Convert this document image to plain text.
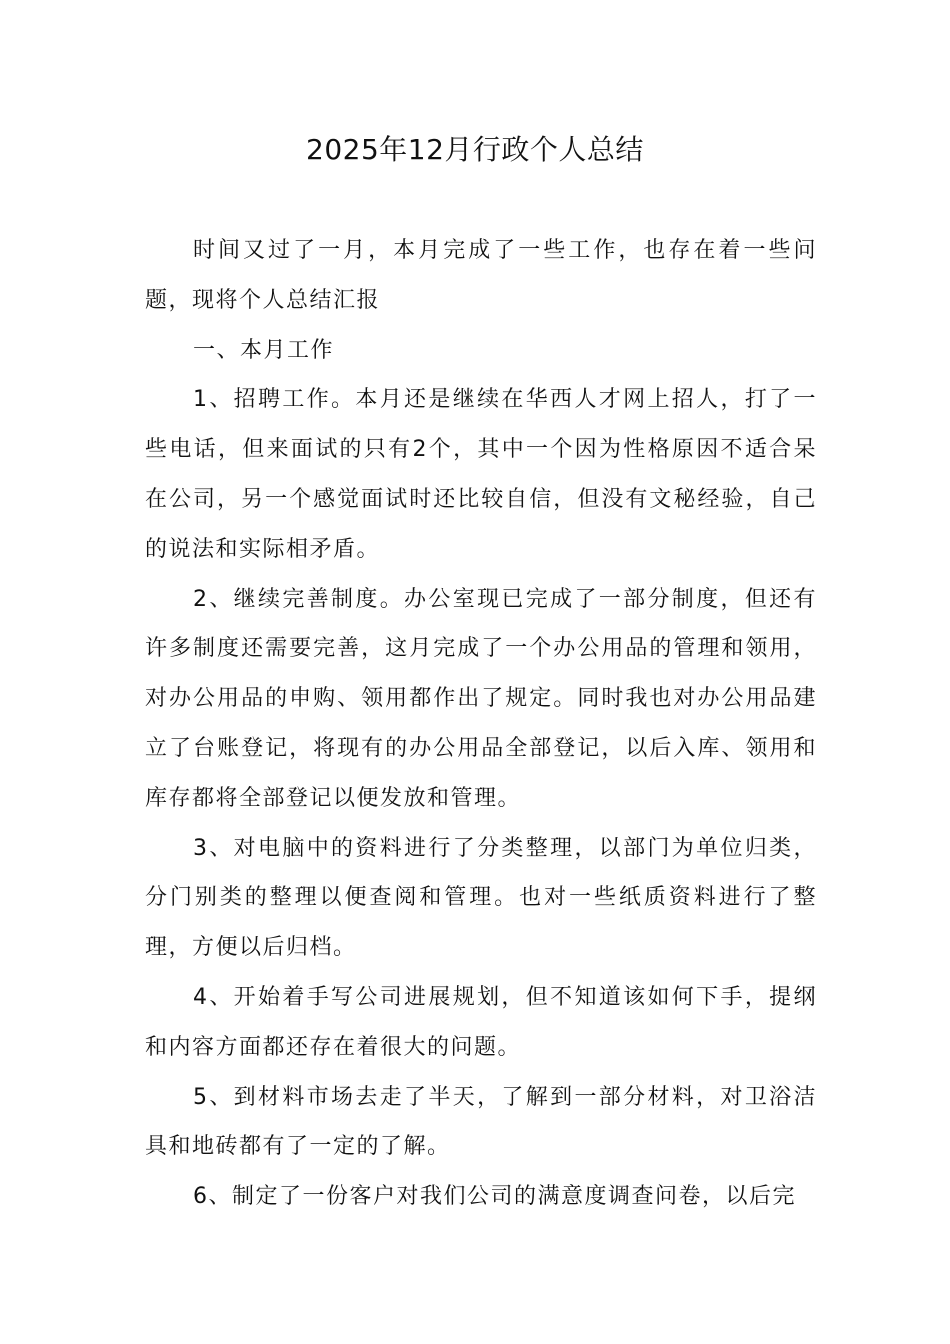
2025年12月行政个人总结

时间又过了一月，本月完成了一些工作，也存在着一些问题，现将个人总结汇报

一、本月工作

1、招聘工作。本月还是继续在华西人才网上招人，打了一些电话，但来面试的只有2个，其中一个因为性格原因不适合呆在公司，另一个感觉面试时还比较自信，但没有文秘经验，自己的说法和实际相矛盾。

2、继续完善制度。办公室现已完成了一部分制度，但还有许多制度还需要完善，这月完成了一个办公用品的管理和领用，对办公用品的申购、领用都作出了规定。同时我也对办公用品建立了台账登记，将现有的办公用品全部登记，以后入库、领用和库存都将全部登记以便发放和管理。

3、对电脑中的资料进行了分类整理，以部门为单位归类，分门别类的整理以便查阅和管理。也对一些纸质资料进行了整理，方便以后归档。

4、开始着手写公司进展规划，但不知道该如何下手，提纲和内容方面都还存在着很大的问题。

5、到材料市场去走了半天，了解到一部分材料，对卫浴洁具和地砖都有了一定的了解。

6、制定了一份客户对我们公司的满意度调查问卷，以后完
